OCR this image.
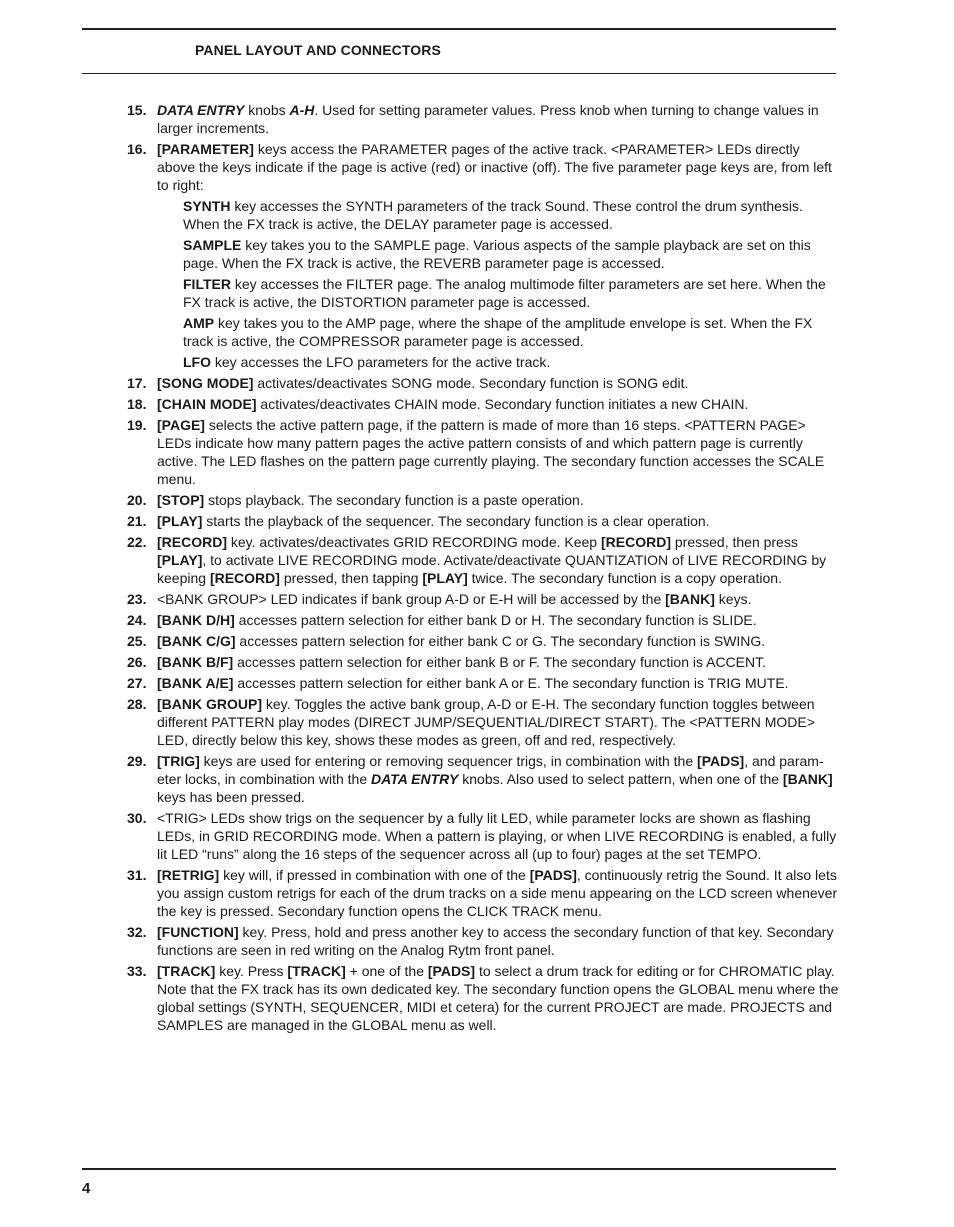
PANEL LAYOUT AND CONNECTORS
15. DATA ENTRY knobs A-H. Used for setting parameter values. Press knob when turning to change values in larger increments.
16. [PARAMETER] keys access the PARAMETER pages of the active track. <PARAMETER> LEDs directly above the keys indicate if the page is active (red) or inactive (off). The five parameter page keys are, from left to right:
SYNTH key accesses the SYNTH parameters of the track Sound. These control the drum synthesis. When the FX track is active, the DELAY parameter page is accessed.
SAMPLE key takes you to the SAMPLE page. Various aspects of the sample playback are set on this page. When the FX track is active, the REVERB parameter page is accessed.
FILTER key accesses the FILTER page. The analog multimode filter parameters are set here. When the FX track is active, the DISTORTION parameter page is accessed.
AMP key takes you to the AMP page, where the shape of the amplitude envelope is set. When the FX track is active, the COMPRESSOR parameter page is accessed.
LFO key accesses the LFO parameters for the active track.
17. [SONG MODE] activates/deactivates SONG mode. Secondary function is SONG edit.
18. [CHAIN MODE] activates/deactivates CHAIN mode. Secondary function initiates a new CHAIN.
19. [PAGE] selects the active pattern page, if the pattern is made of more than 16 steps. <PATTERN PAGE> LEDs indicate how many pattern pages the active pattern consists of and which pattern page is currently active. The LED flashes on the pattern page currently playing. The secondary function accesses the SCALE menu.
20. [STOP] stops playback. The secondary function is a paste operation.
21. [PLAY] starts the playback of the sequencer. The secondary function is a clear operation.
22. [RECORD] key. activates/deactivates GRID RECORDING mode. Keep [RECORD] pressed, then press [PLAY], to activate LIVE RECORDING mode. Activate/deactivate QUANTIZATION of LIVE RECORDING by keeping [RECORD] pressed, then tapping [PLAY] twice. The secondary function is a copy operation.
23. <BANK GROUP> LED indicates if bank group A-D or E-H will be accessed by the [BANK] keys.
24. [BANK D/H] accesses pattern selection for either bank D or H. The secondary function is SLIDE.
25. [BANK C/G] accesses pattern selection for either bank C or G. The secondary function is SWING.
26. [BANK B/F] accesses pattern selection for either bank B or F. The secondary function is ACCENT.
27. [BANK A/E] accesses pattern selection for either bank A or E. The secondary function is TRIG MUTE.
28. [BANK GROUP] key. Toggles the active bank group, A-D or E-H. The secondary function toggles between different PATTERN play modes (DIRECT JUMP/SEQUENTIAL/DIRECT START). The <PATTERN MODE> LED, directly below this key, shows these modes as green, off and red, respectively.
29. [TRIG] keys are used for entering or removing sequencer trigs, in combination with the [PADS], and parameter locks, in combination with the DATA ENTRY knobs. Also used to select pattern, when one of the [BANK] keys has been pressed.
30. <TRIG> LEDs show trigs on the sequencer by a fully lit LED, while parameter locks are shown as flashing LEDs, in GRID RECORDING mode. When a pattern is playing, or when LIVE RECORDING is enabled, a fully lit LED “runs” along the 16 steps of the sequencer across all (up to four) pages at the set TEMPO.
31. [RETRIG] key will, if pressed in combination with one of the [PADS], continuously retrig the Sound. It also lets you assign custom retrigs for each of the drum tracks on a side menu appearing on the LCD screen whenever the key is pressed. Secondary function opens the CLICK TRACK menu.
32. [FUNCTION] key. Press, hold and press another key to access the secondary function of that key. Secondary functions are seen in red writing on the Analog Rytm front panel.
33. [TRACK] key. Press [TRACK] + one of the [PADS] to select a drum track for editing or for CHROMATIC play. Note that the FX track has its own dedicated key. The secondary function opens the GLOBAL menu where the global settings (SYNTH, SEQUENCER, MIDI et cetera) for the current PROJECT are made. PROJECTS and SAMPLES are managed in the GLOBAL menu as well.
4
